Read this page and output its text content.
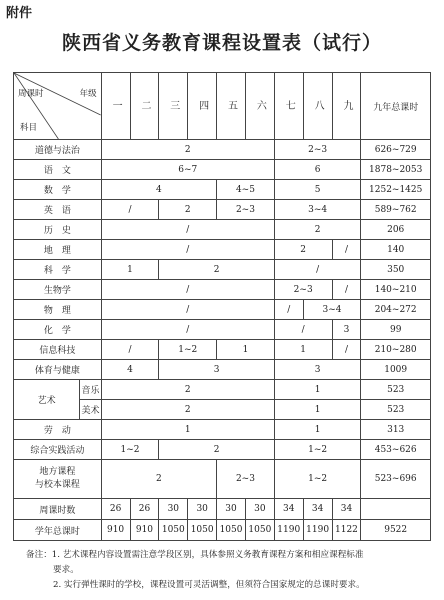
附件
陕西省义务教育课程设置表（试行）
周课时 年级
科目		一	二	三	四	五	六	七	八	九	九年总课时
道德与法治		2						2~3			626~729
语　文		6~7						6			1878~2053
数　学		4				4~5		5			1252~1425
英　语		/		2		2~3		3~4			589~762
历　史		/						2			206
地　理		/						2		/	140
科　学		1		2				/			350
生物学		/						2~3		/	140~210
物　理		/						/	3~4		204~272
化　学		/						/		3	99
信息科技		/		1~2		1		1		/	210~280
体育与健康		4		3				3			1009
艺术	音乐	2						1			523
	美术	2						1			523
劳　动		1						1			313
综合实践活动		1~2		2				1~2			453~626
地方课程
与校本课程		2				2~3		1~2			523~696
周课时数		26	26	30	30	30	30	34	34	34	
学年总课时		910	910	1050	1050	1050	1050	1190	1190	1122	9522
备注：1. 艺术课程内容设置需注意学段区别，具体参照义务教育课程方案和相应课程标准
要求。
2. 实行弹性课时的学校，课程设置可灵活调整，但须符合国家规定的总课时要求。
